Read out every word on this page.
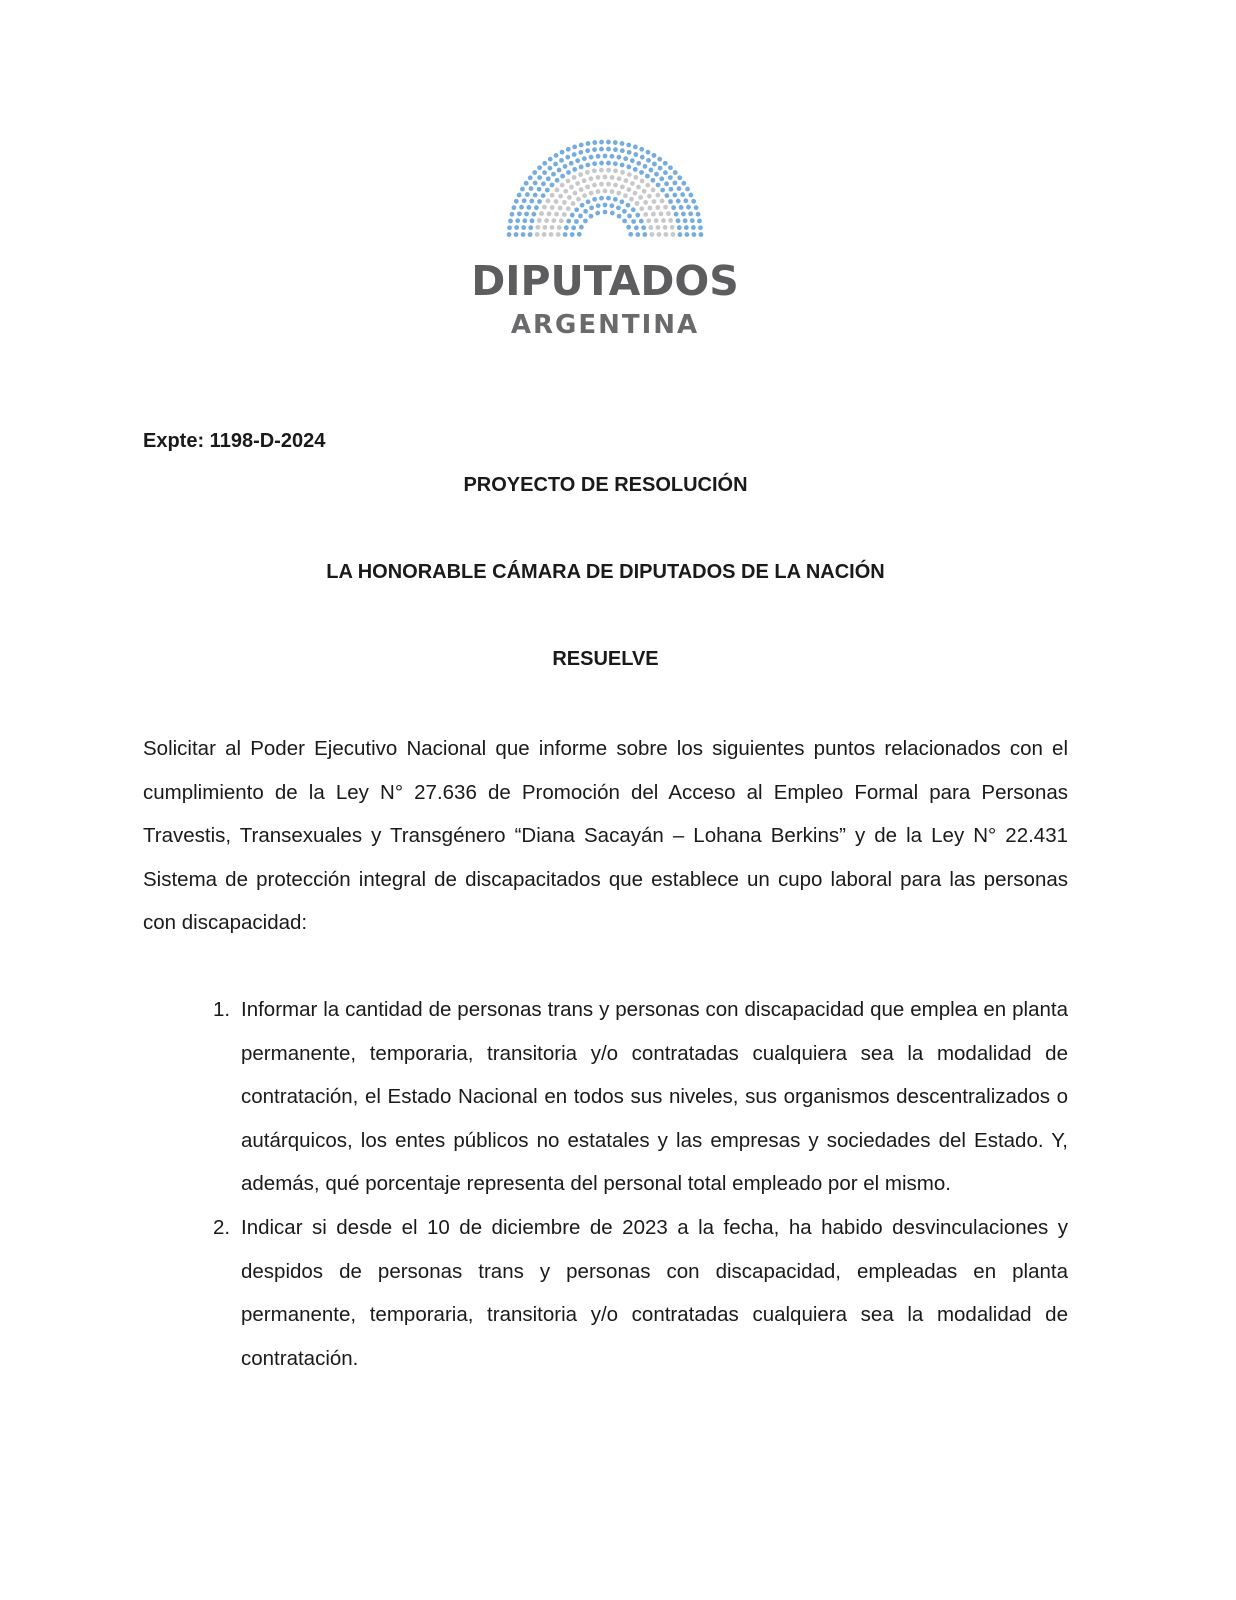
DIPUTADOS
ARGENTINA
Expte: 1198-D-2024
PROYECTO DE RESOLUCIÓN
LA HONORABLE CÁMARA DE DIPUTADOS DE LA NACIÓN
RESUELVE

Solicitar al Poder Ejecutivo Nacional que informe sobre los siguientes puntos relacionados con el cumplimiento de la Ley N° 27.636 de Promoción del Acceso al Empleo Formal para Personas Travestis, Transexuales y Transgénero “Diana Sacayán – Lohana Berkins” y de la Ley N° 22.431 Sistema de protección integral de discapacitados que establece un cupo laboral para las personas con discapacidad:

1. Informar la cantidad de personas trans y personas con discapacidad que emplea en planta permanente, temporaria, transitoria y/o contratadas cualquiera sea la modalidad de contratación, el Estado Nacional en todos sus niveles, sus organismos descentralizados o autárquicos, los entes públicos no estatales y las empresas y sociedades del Estado. Y, además, qué porcentaje representa del personal total empleado por el mismo.
2. Indicar si desde el 10 de diciembre de 2023 a la fecha, ha habido desvinculaciones y despidos de personas trans y personas con discapacidad, empleadas en planta permanente, temporaria, transitoria y/o contratadas cualquiera sea la modalidad de contratación.
